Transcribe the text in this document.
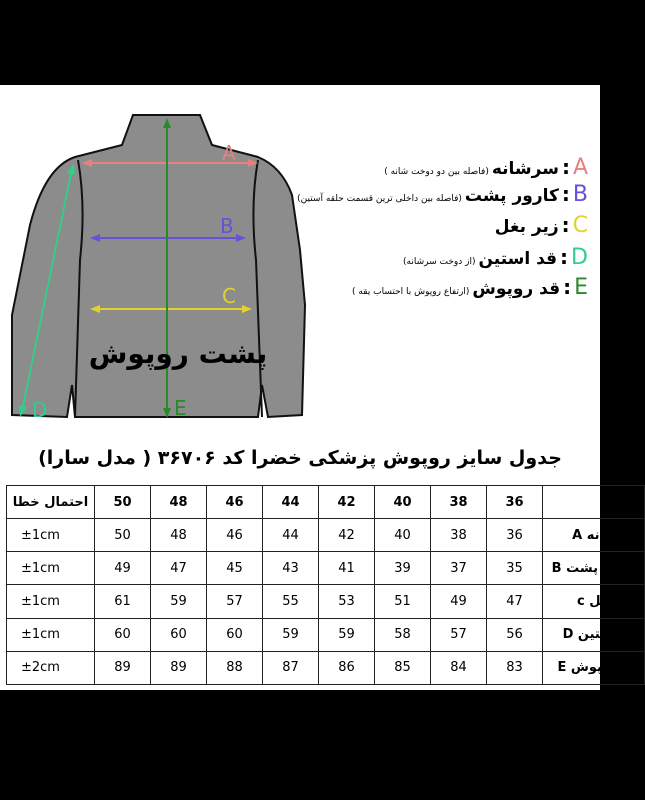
A
B
C
D	E
پشت روپوش
A
:
سرشانه
(فاصله بین دو دوخت شانه )
B
:
کارور پشت
(فاصله بین داخلی ترین قسمت حلقه آستین)
C
:
زیر بغل
D
:
قد استین
(از دوخت سرشانه)
E
:
قد روپوش
(ارتفاع روپوش با احتساب یقه )
جدول سایز روپوش پزشکی خضرا کد ۳۶۷۰۶ ( مدل سارا)
احتمال خطا	50	48	46	44	42	40	38	36	سایز
±1cm	50	48	46	44	42	40	38	36	سرشانه A
±1cm	49	47	45	43	41	39	37	35	کارور پشت B
±1cm	61	59	57	55	53	51	49	47	زیر بغل c
±1cm	60	60	60	59	59	58	57	56	قد آستین D
±2cm	89	89	88	87	86	85	84	83	قد روپوش E
